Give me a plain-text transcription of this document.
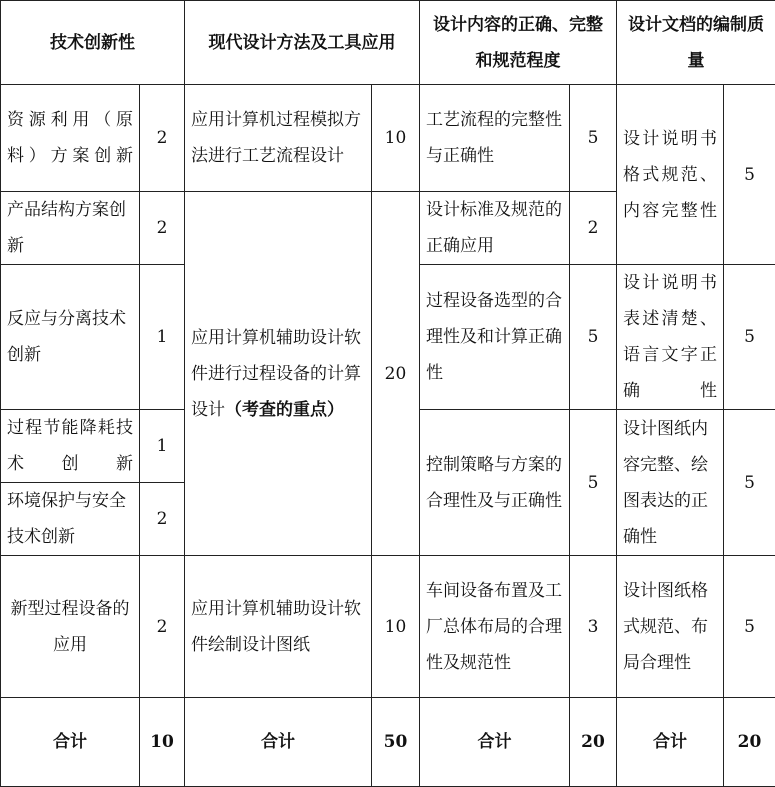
技术创新性		现代设计方法及工具应用		设计内容的正确、完整和规范程度		设计文档的编制质量	
资源利用（原料）方案创新	2	应用计算机过程模拟方法进行工艺流程设计	10	工艺流程的完整性与正确性	5	设计说明书格式规范、内容完整性	5
产品结构方案创新	2	应用计算机辅助设计软件进行过程设备的计算设计（考查的重点）	20	设计标准及规范的正确应用	2		
反应与分离技术创新	1			过程设备选型的合理性及和计算正确性	5	设计说明书表述清楚、语言文字正确性	5
过程节能降耗技术创新	1			控制策略与方案的合理性及与正确性	5	设计图纸内容完整、绘图表达的正确性	5
环境保护与安全技术创新	2						
新型过程设备的应用	2	应用计算机辅助设计软件绘制设计图纸	10	车间设备布置及工厂总体布局的合理性及规范性	3	设计图纸格式规范、布局合理性	5
合计	10	合计	50	合计	20	合计	20
